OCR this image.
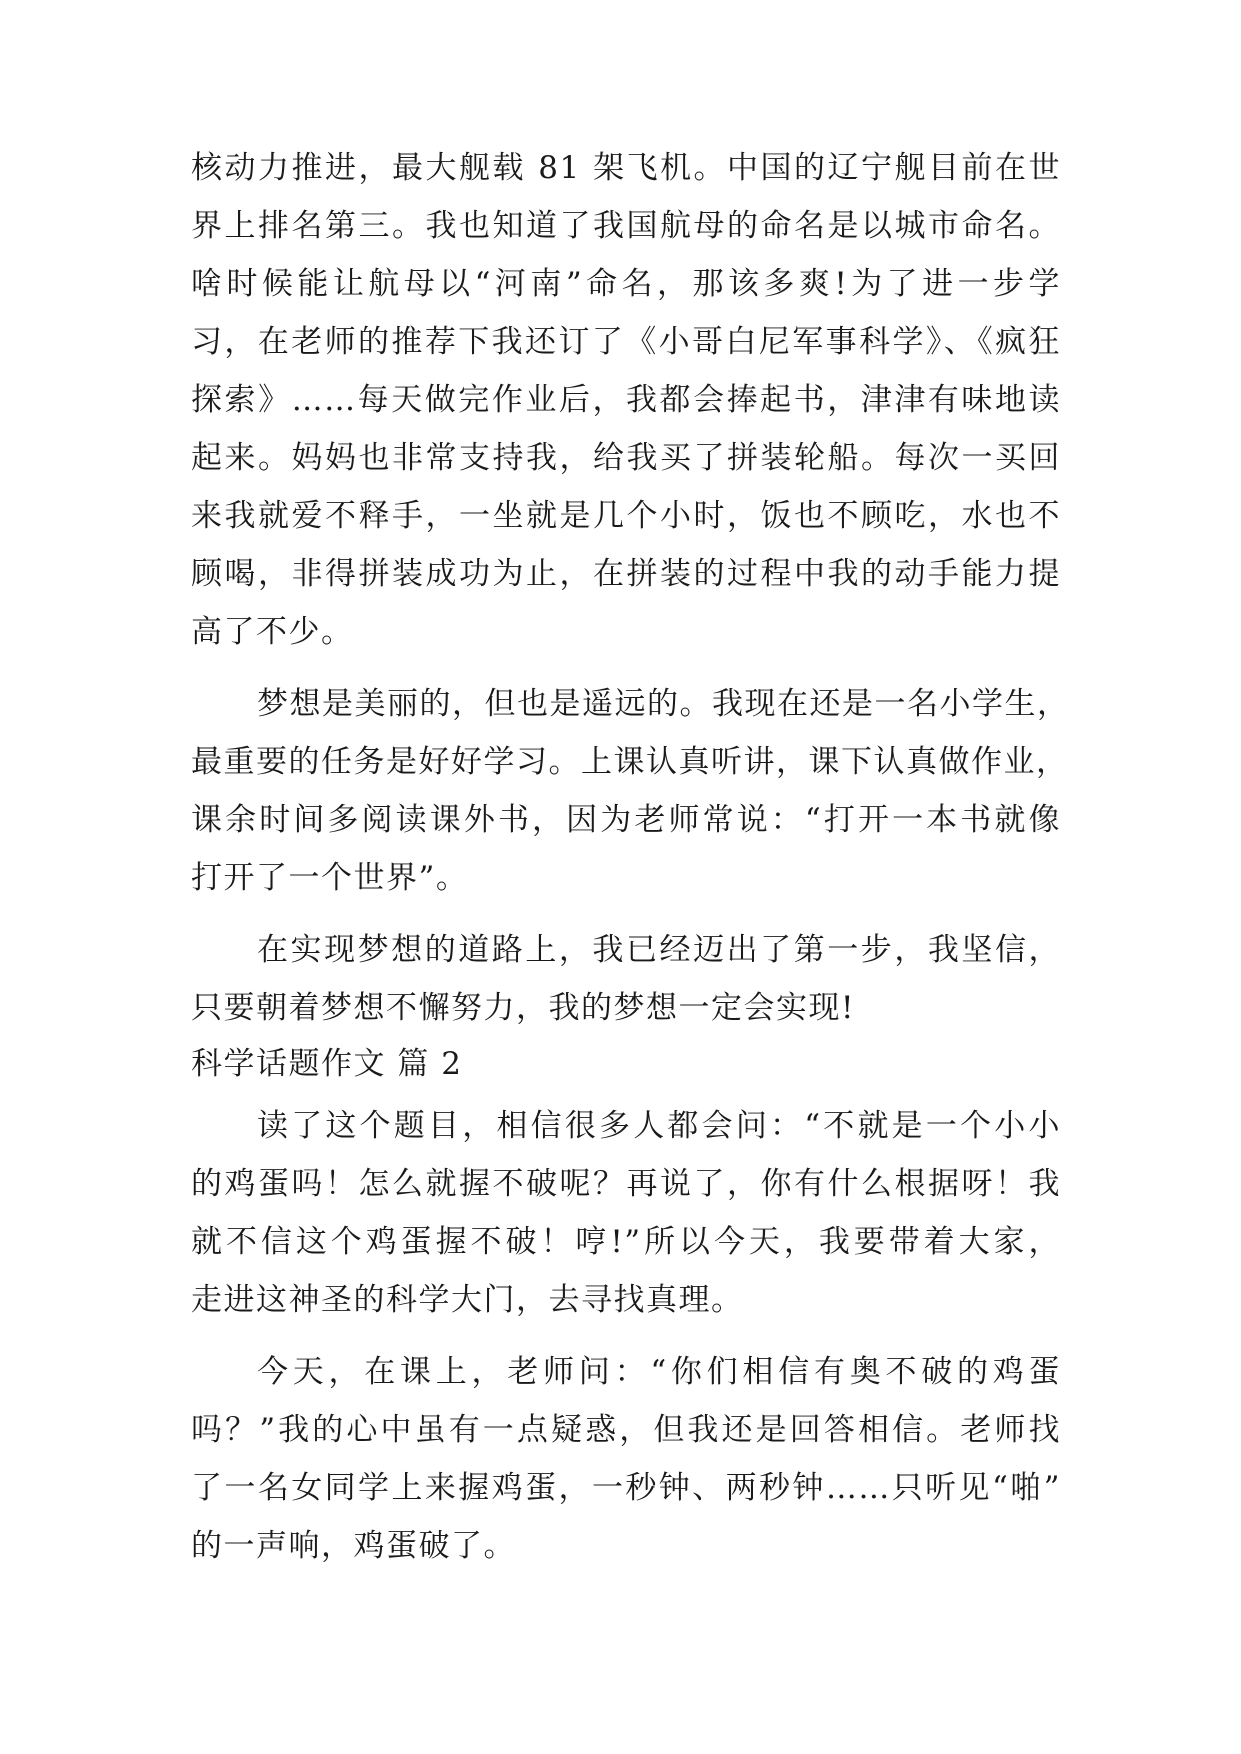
核动力推进，最大舰载 81 架飞机。中国的辽宁舰目前在世
界上排名第三。我也知道了我国航母的命名是以城市命名。
啥时候能让航母以“河南”命名，那该多爽!为了进一步学
习，在老师的推荐下我还订了《小哥白尼军事科学》、《疯狂
探索》……每天做完作业后，我都会捧起书，津津有味地读
起来。妈妈也非常支持我，给我买了拼装轮船。每次一买回
来我就爱不释手，一坐就是几个小时，饭也不顾吃，水也不
顾喝，非得拼装成功为止，在拼装的过程中我的动手能力提
高了不少。
梦想是美丽的，但也是遥远的。我现在还是一名小学生，
最重要的任务是好好学习。上课认真听讲，课下认真做作业，
课余时间多阅读课外书，因为老师常说：“打开一本书就像
打开了一个世界”。
在实现梦想的道路上，我已经迈出了第一步，我坚信，
只要朝着梦想不懈努力，我的梦想一定会实现!
科学话题作文 篇 2
读了这个题目，相信很多人都会问：“不就是一个小小
的鸡蛋吗！怎么就握不破呢？再说了，你有什么根据呀！我
就不信这个鸡蛋握不破！哼!”所以今天，我要带着大家，
走进这神圣的科学大门，去寻找真理。
今天，在课上，老师问：“你们相信有奥不破的鸡蛋
吗？”我的心中虽有一点疑惑，但我还是回答相信。老师找
了一名女同学上来握鸡蛋，一秒钟、两秒钟……只听见“啪”
的一声响，鸡蛋破了。
